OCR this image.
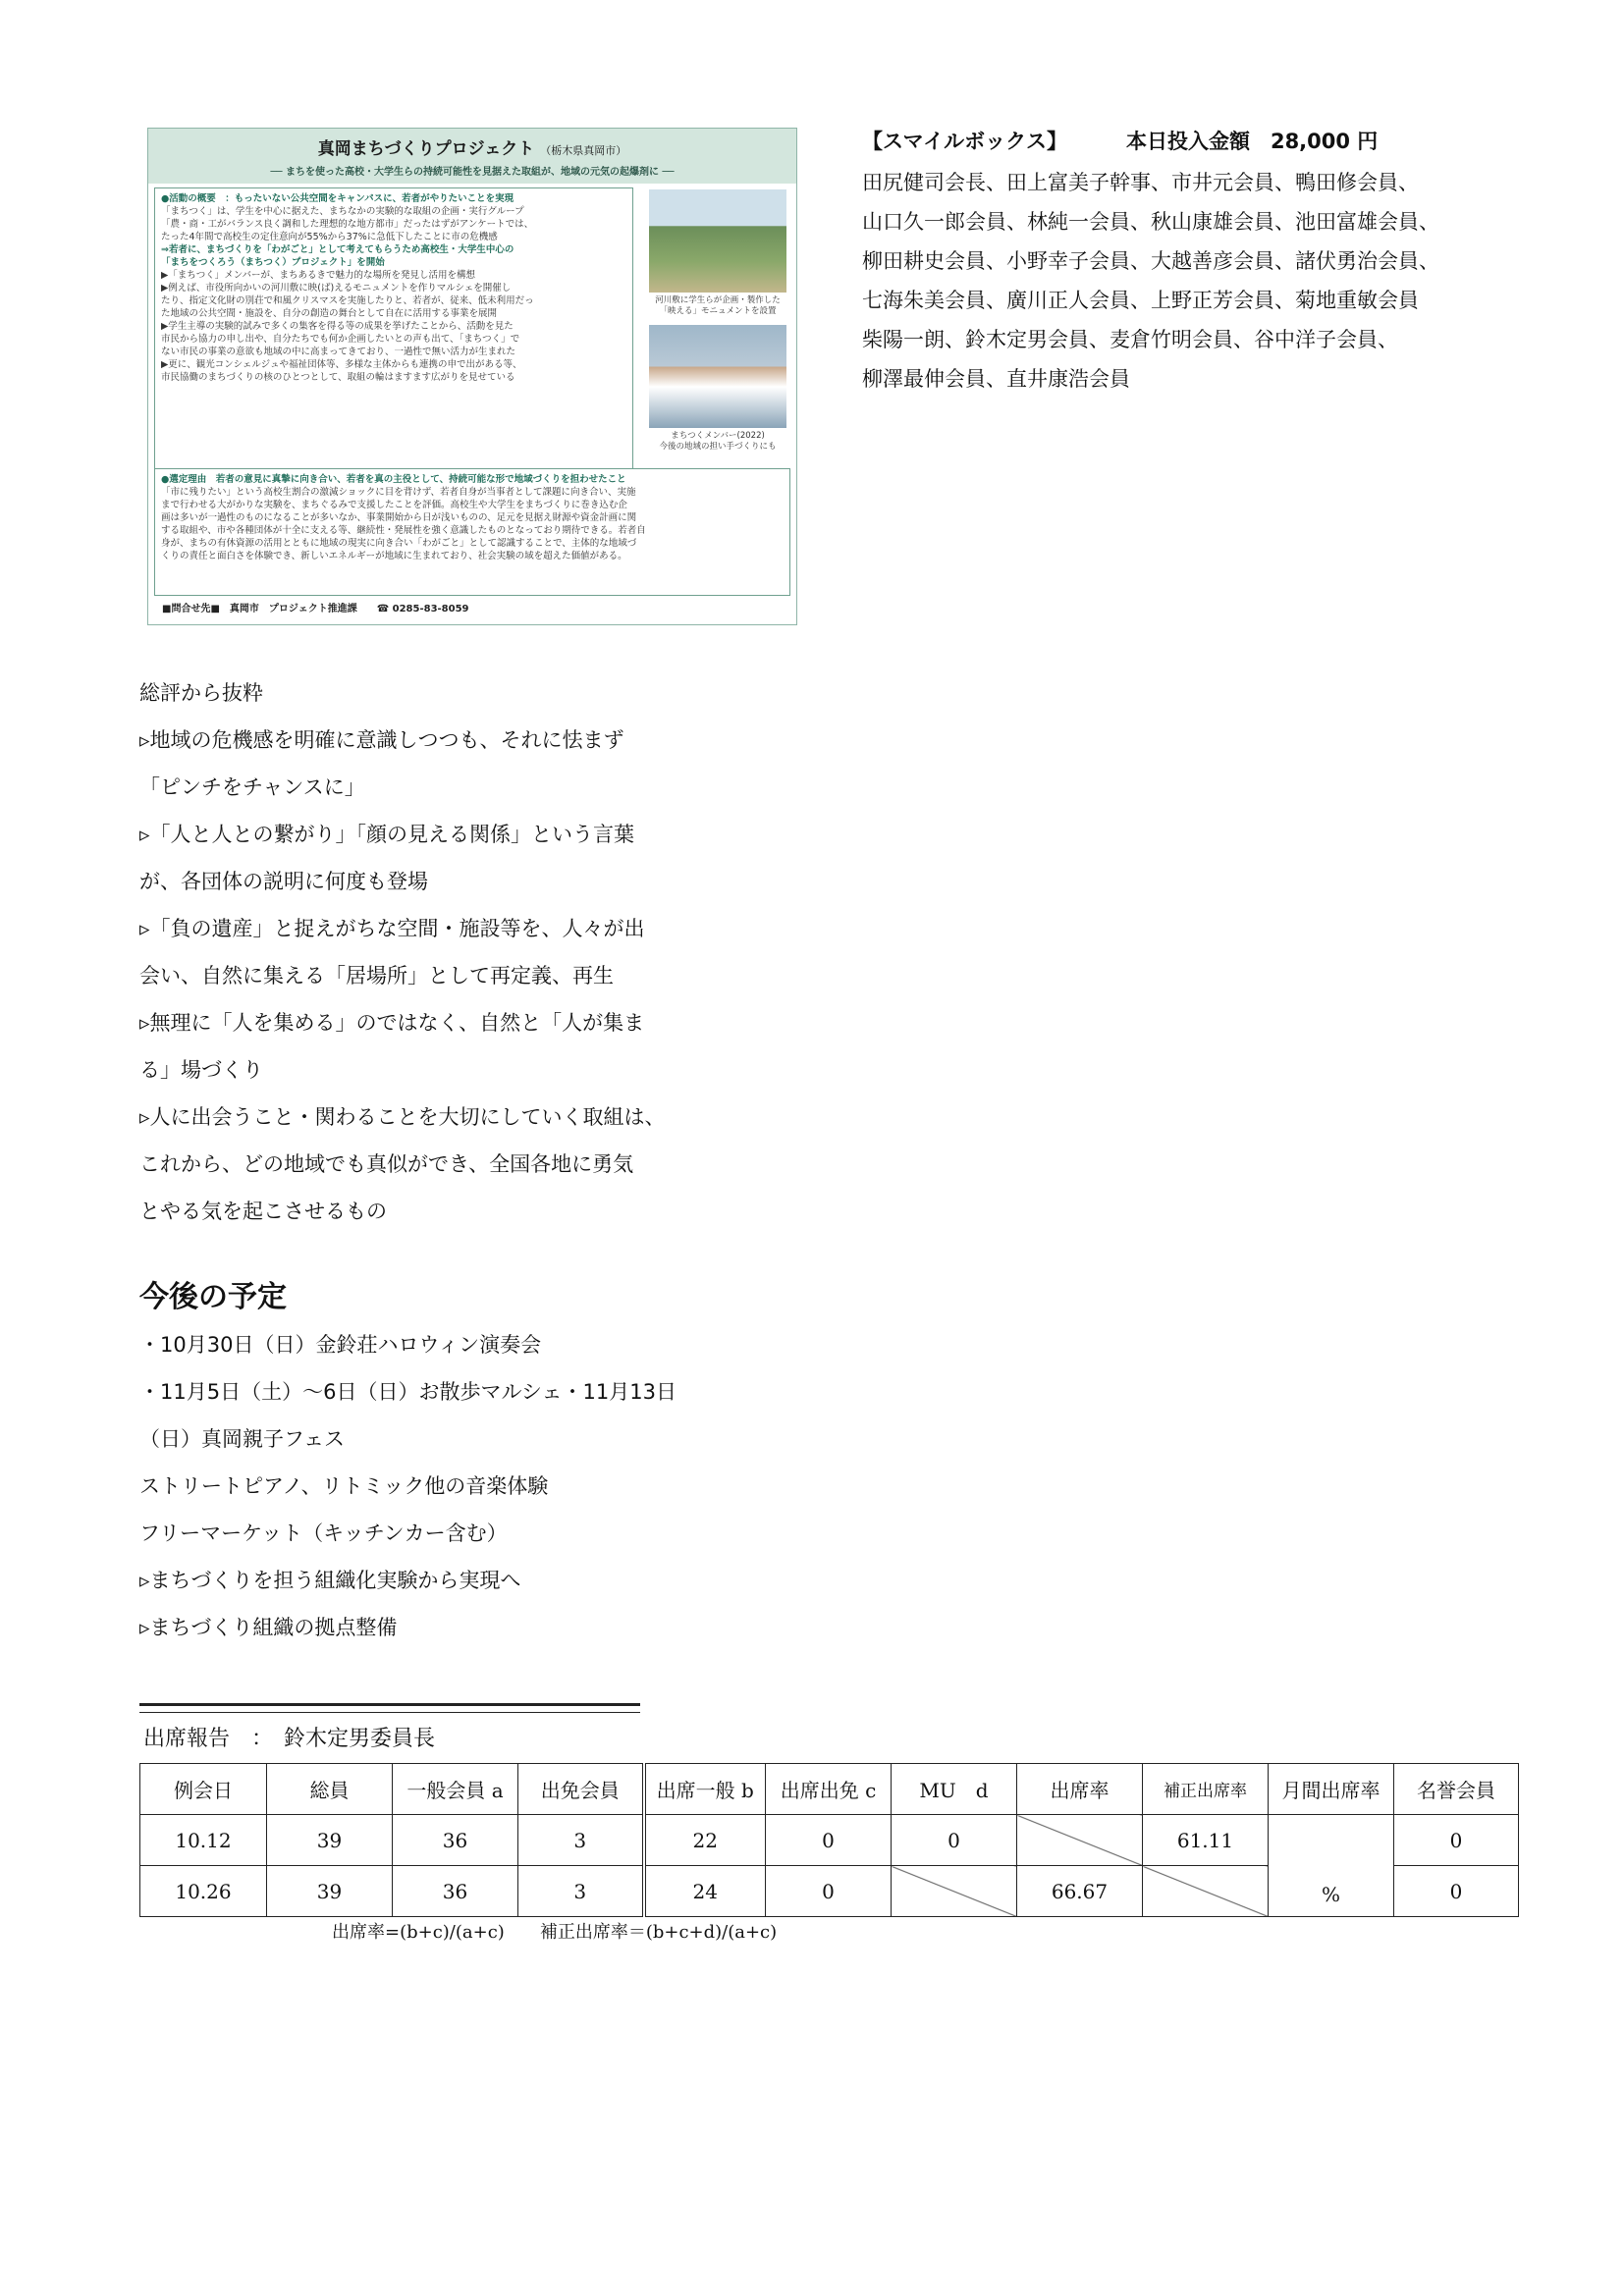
真岡まちづくりプロジェクト （栃木県真岡市）
── まちを使った高校・大学生らの持続可能性を見据えた取組が、地域の元気の起爆剤に ──
●活動の概要　：もったいない公共空間をキャンパスに、若者がやりたいことを実現
「まちつく」は、学生を中心に据えた、まちなかの実験的な取組の企画・実行グループ
「農・商・工がバランス良く調和した理想的な地方都市」だったはずがアンケートでは、
たった4年間で高校生の定住意向が55%から37%に急低下したことに市の危機感
⇒若者に、まちづくりを「わがごと」として考えてもらうため高校生・大学生中心の
「まちをつくろう（まちつく）プロジェクト」を開始
▶「まちつく」メンバーが、まちあるきで魅力的な場所を発見し活用を構想
▶例えば、市役所向かいの河川敷に映(ば)えるモニュメントを作りマルシェを開催し
たり、指定文化財の別荘で和風クリスマスを実施したりと、若者が、従来、低未利用だっ
た地域の公共空間・施設を、自分の創造の舞台として自在に活用する事業を展開
▶学生主導の実験的試みで多くの集客を得る等の成果を挙げたことから、活動を見た
市民から協力の申し出や、自分たちでも何か企画したいとの声も出て、「まちつく」で
ない市民の事業の意欲も地域の中に高まってきており、一過性で無い活力が生まれた
▶更に、観光コンシェルジュや福祉団体等、多様な主体からも連携の申で出がある等、
市民協働のまちづくりの核のひとつとして、取組の輪はますます広がりを見せている
河川敷に学生らが企画・製作した「映える」モニュメントを設置
まちつくメンバー(2022)
今後の地域の担い手づくりにも
●選定理由　若者の意見に真摯に向き合い、若者を真の主役として、持続可能な形で地域づくりを担わせたこと
「市に残りたい」という高校生割合の激減ショックに目を背けず、若者自身が当事者として課題に向き合い、実施
まで行わせる大がかりな実験を、まちぐるみで支援したことを評価。高校生や大学生をまちづくりに巻き込む企
画は多いが一過性のものになることが多いなか、事業開始から日が浅いものの、足元を見据え財源や資金計画に関
する取組や、市や各種団体が十全に支える等、継続性・発展性を強く意識したものとなっており期待できる。若者自
身が、まちの有休資源の活用とともに地域の現実に向き合い「わがごと」として認識することで、主体的な地域づ
くりの責任と面白さを体験でき、新しいエネルギーが地域に生まれており、社会実験の域を超えた価値がある。
■問合せ先■　真岡市　プロジェクト推進課　　☎ 0285-83-8059
【スマイルボックス】	本日投入金額　28,000 円
田尻健司会長、田上富美子幹事、市井元会員、鴨田修会員、
山口久一郎会員、林純一会員、秋山康雄会員、池田富雄会員、
柳田耕史会員、小野幸子会員、大越善彦会員、諸伏勇治会員、
七海朱美会員、廣川正人会員、上野正芳会員、菊地重敏会員
柴陽一朗、鈴木定男会員、麦倉竹明会員、谷中洋子会員、
柳澤最伸会員、直井康浩会員
総評から抜粋
▹地域の危機感を明確に意識しつつも、それに怯まず
「ピンチをチャンスに」
▹「人と人との繋がり」「顔の見える関係」という言葉
が、各団体の説明に何度も登場
▹「負の遺産」と捉えがちな空間・施設等を、人々が出
会い、自然に集える「居場所」として再定義、再生
▹無理に「人を集める」のではなく、自然と「人が集ま
る」場づくり
▹人に出会うこと・関わることを大切にしていく取組は、
これから、どの地域でも真似ができ、全国各地に勇気
とやる気を起こさせるもの
今後の予定
・10月30日（日）金鈴荘ハロウィン演奏会
・11月5日（土）～6日（日）お散歩マルシェ・11月13日
（日）真岡親子フェス
ストリートピアノ、リトミック他の音楽体験
フリーマーケット（キッチンカー含む）
▹まちづくりを担う組織化実験から実現へ
▹まちづくり組織の拠点整備
出席報告　：　鈴木定男委員長
例会日	総員	一般会員 a	出免会員	出席一般 b	出席出免 c	MU　d	出席率	補正出席率	月間出席率	名誉会員
10.12	39	36	3	22	0	0		61.11	%	0
10.26	39	36	3	24	0		66.67			0
出席率=(b+c)/(a+c)　　補正出席率＝(b+c+d)/(a+c)
